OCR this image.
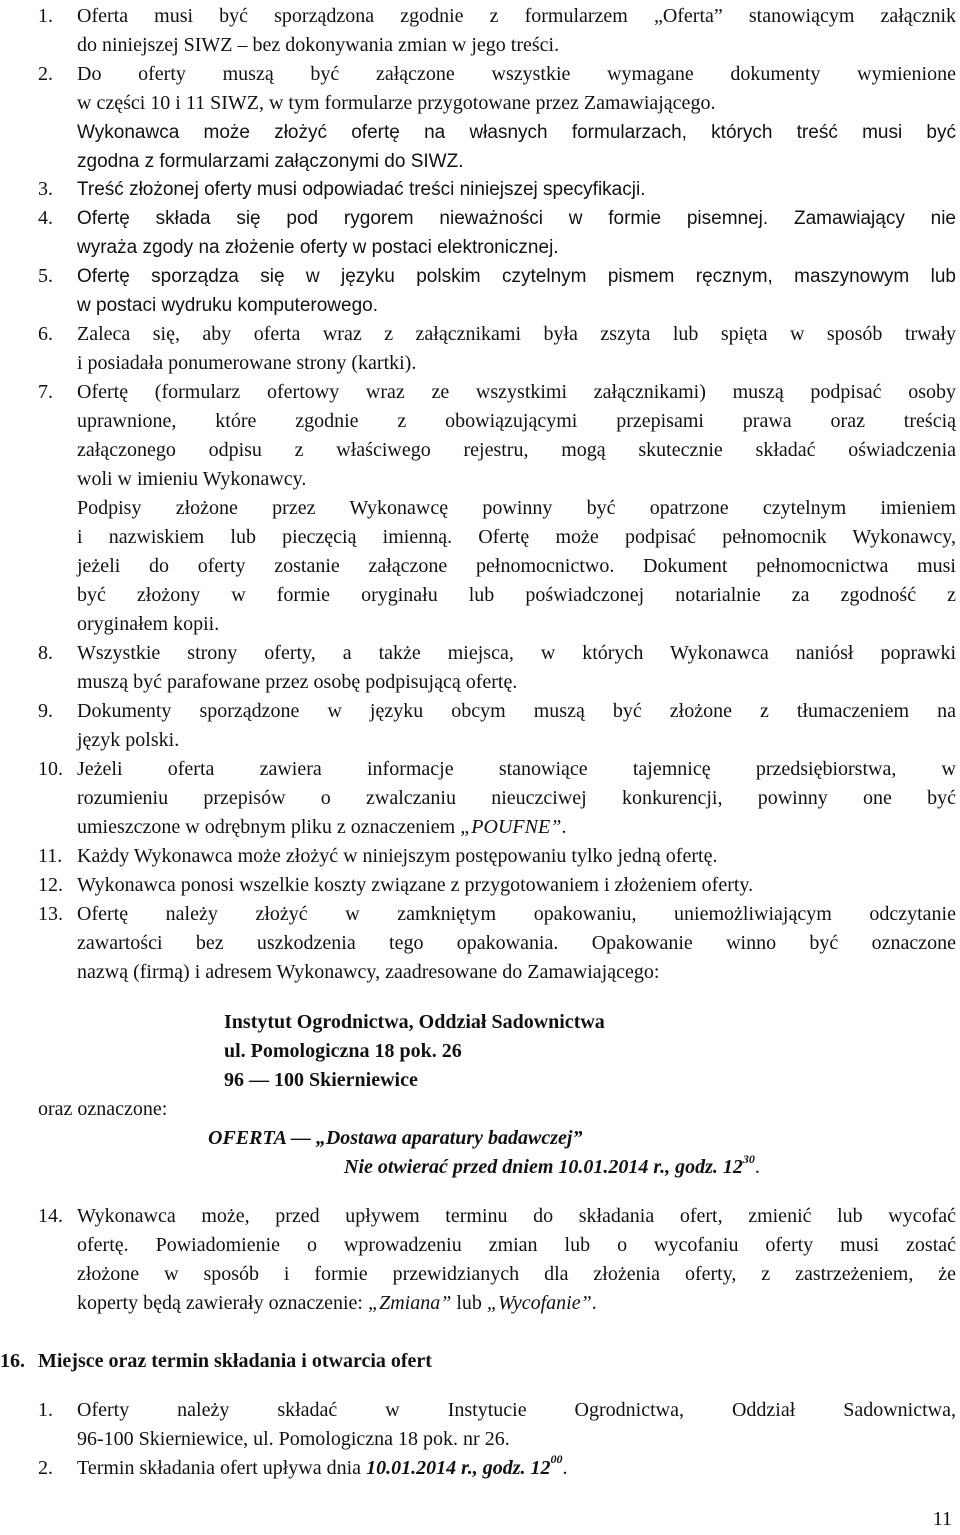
1. Oferta musi być sporządzona zgodnie z formularzem „Oferta” stanowiącym załącznik
do niniejszej SIWZ – bez dokonywania zmian w jego treści.
2. Do oferty muszą być załączone wszystkie wymagane dokumenty wymienione
w części 10 i 11 SIWZ, w tym formularze przygotowane przez Zamawiającego.
Wykonawca może złożyć ofertę na własnych formularzach, których treść musi być
zgodna z formularzami załączonymi do SIWZ.
3. Treść złożonej oferty musi odpowiadać treści niniejszej specyfikacji.
4. Ofertę składa się pod rygorem nieważności w formie pisemnej. Zamawiający nie
wyraża zgody na złożenie oferty w postaci elektronicznej.
5. Ofertę sporządza się w języku polskim czytelnym pismem ręcznym, maszynowym lub
w postaci wydruku komputerowego.
6. Zaleca się, aby oferta wraz z załącznikami była zszyta lub spięta w sposób trwały
i posiadała ponumerowane strony (kartki).
7. Ofertę (formularz ofertowy wraz ze wszystkimi załącznikami) muszą podpisać osoby
uprawnione, które zgodnie z obowiązującymi przepisami prawa oraz treścią
załączonego odpisu z właściwego rejestru, mogą skutecznie składać oświadczenia
woli w imieniu Wykonawcy.
Podpisy złożone przez Wykonawcę powinny być opatrzone czytelnym imieniem
i nazwiskiem lub pieczęcią imienną. Ofertę może podpisać pełnomocnik Wykonawcy,
jeżeli do oferty zostanie załączone pełnomocnictwo. Dokument pełnomocnictwa musi
być złożony w formie oryginału lub poświadczonej notarialnie za zgodność z
oryginałem kopii.
8. Wszystkie strony oferty, a także miejsca, w których Wykonawca naniósł poprawki
muszą być parafowane przez osobę podpisującą ofertę.
9. Dokumenty sporządzone w języku obcym muszą być złożone z tłumaczeniem na
język polski.
10. Jeżeli oferta zawiera informacje stanowiące tajemnicę przedsiębiorstwa, w
rozumieniu przepisów o zwalczaniu nieuczciwej konkurencji, powinny one być
umieszczone w odrębnym pliku z oznaczeniem „POUFNE”.
11. Każdy Wykonawca może złożyć w niniejszym postępowaniu tylko jedną ofertę.
12. Wykonawca ponosi wszelkie koszty związane z przygotowaniem i złożeniem oferty.
13. Ofertę należy złożyć w zamkniętym opakowaniu, uniemożliwiającym odczytanie
zawartości bez uszkodzenia tego opakowania. Opakowanie winno być oznaczone
nazwą (firmą) i adresem Wykonawcy, zaadresowane do Zamawiającego:
Instytut Ogrodnictwa, Oddział Sadownictwa
ul. Pomologiczna 18 pok. 26
96 — 100 Skierniewice
oraz oznaczone:
OFERTA — „Dostawa aparatury badawczej”
Nie otwierać przed dniem 10.01.2014 r., godz. $12^{30}$.
14. Wykonawca może, przed upływem terminu do składania ofert, zmienić lub wycofać
ofertę. Powiadomienie o wprowadzeniu zmian lub o wycofaniu oferty musi zostać
złożone w sposób i formie przewidzianych dla złożenia oferty, z zastrzeżeniem, że
koperty będą zawierały oznaczenie: „Zmiana” lub „Wycofanie”.
16. Miejsce oraz termin składania i otwarcia ofert
1. Oferty należy składać w Instytucie Ogrodnictwa, Oddział Sadownictwa,
96-100 Skierniewice, ul. Pomologiczna 18 pok. nr 26.
2. Termin składania ofert upływa dnia 10.01.2014 r., godz. $12^{00}$.
11
